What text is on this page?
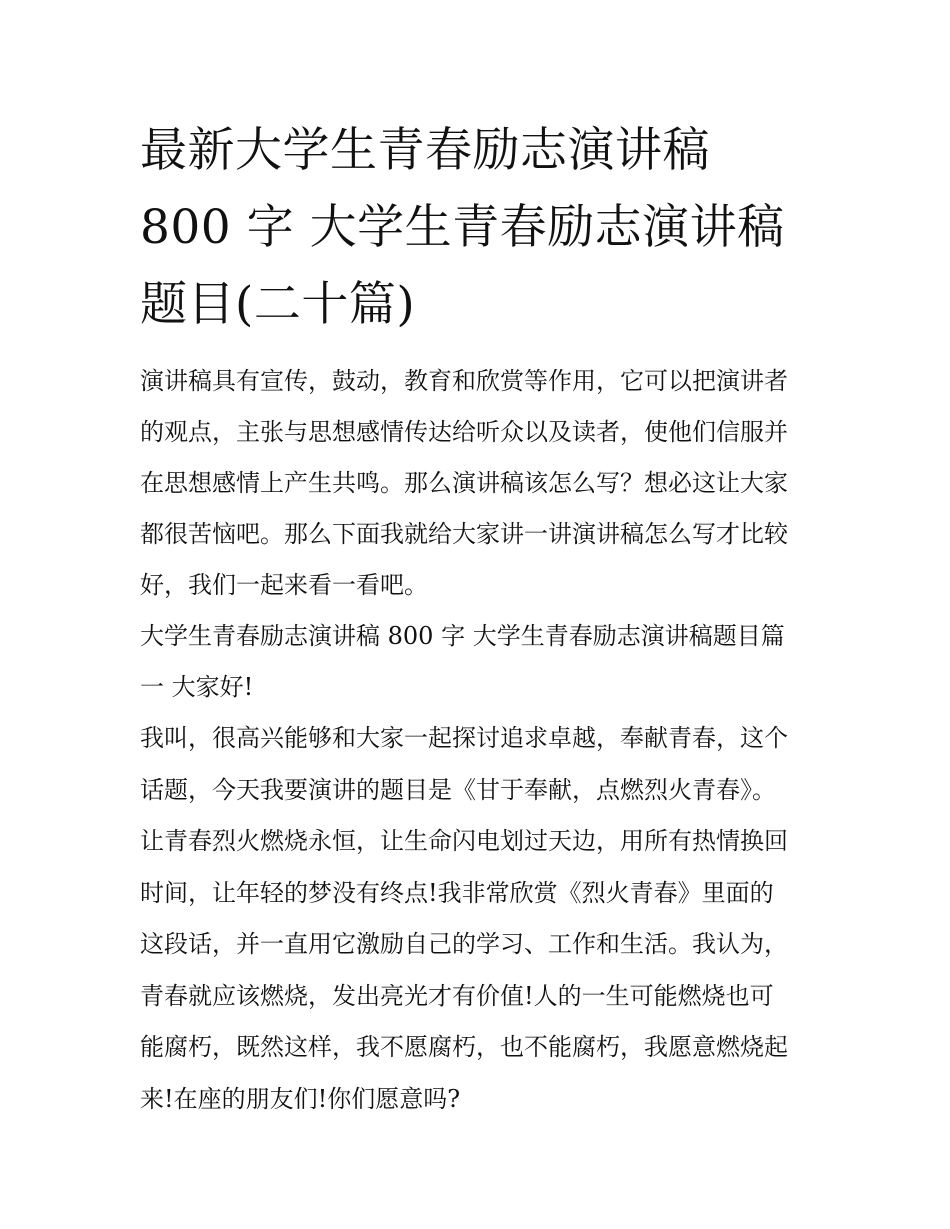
最新大学生青春励志演讲稿
800 字 大学生青春励志演讲稿
题目(二十篇)

演讲稿具有宣传，鼓动，教育和欣赏等作用，它可以把演讲者
的观点，主张与思想感情传达给听众以及读者，使他们信服并
在思想感情上产生共鸣。那么演讲稿该怎么写？想必这让大家
都很苦恼吧。那么下面我就给大家讲一讲演讲稿怎么写才比较
好，我们一起来看一看吧。

大学生青春励志演讲稿 800 字 大学生青春励志演讲稿题目篇
一 大家好!

我叫，很高兴能够和大家一起探讨追求卓越，奉献青春，这个
话题，今天我要演讲的题目是《甘于奉献，点燃烈火青春》。
让青春烈火燃烧永恒，让生命闪电划过天边，用所有热情换回
时间，让年轻的梦没有终点!我非常欣赏《烈火青春》里面的
这段话，并一直用它激励自己的学习、工作和生活。我认为，
青春就应该燃烧，发出亮光才有价值!人的一生可能燃烧也可
能腐朽，既然这样，我不愿腐朽，也不能腐朽，我愿意燃烧起
来!在座的朋友们!你们愿意吗?
